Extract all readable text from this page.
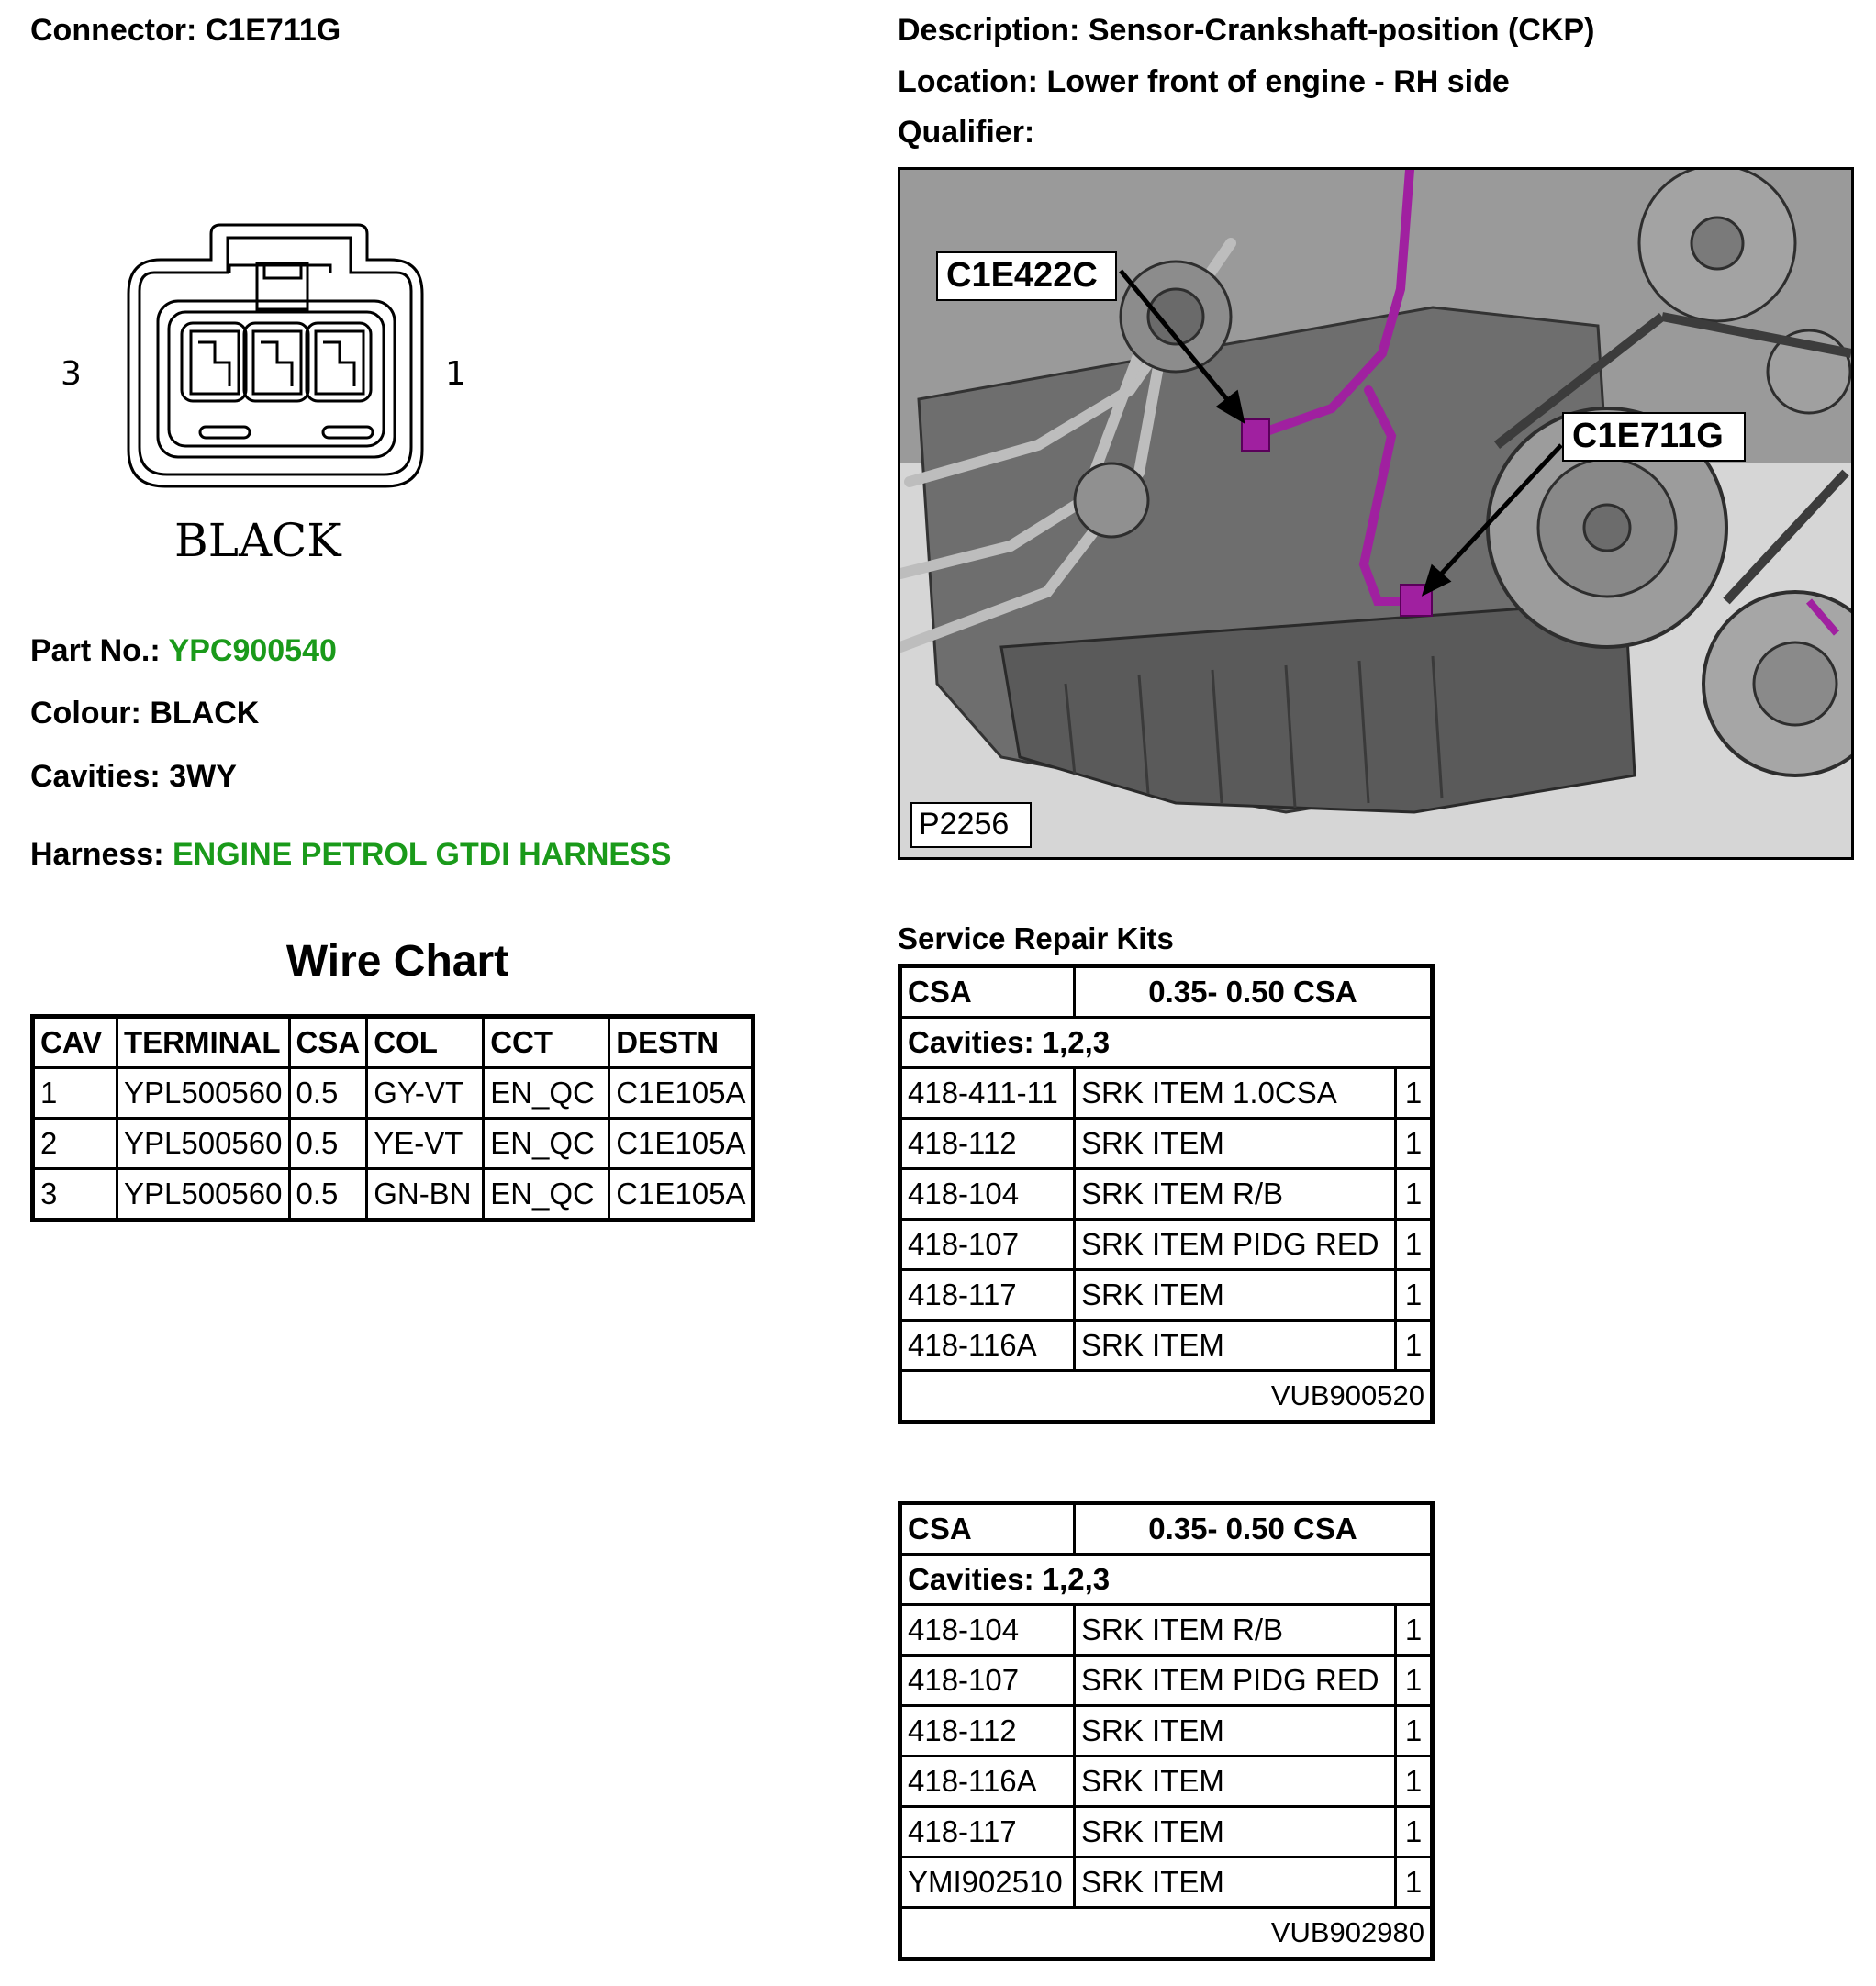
Connector: C1E711G	Description: Sensor-Crankshaft-position (CKP)
Location: Lower front of engine - RH side
Qualifier:
3	1
BLACK
Part No.: YPC900540
Colour: BLACK
Cavities: 3WY
Harness: ENGINE PETROL GTDI HARNESS
C1E422C
C1E711G
P2256
Wire Chart
CAV	TERMINAL	CSA	COL	CCT	DESTN
1	YPL500560	0.5	GY-VT	EN_QC	C1E105A
2	YPL500560	0.5	YE-VT	EN_QC	C1E105A
3	YPL500560	0.5	GN-BN	EN_QC	C1E105A
Service Repair Kits
CSA	0.35- 0.50 CSA	
Cavities: 1,2,3		
418-411-11	SRK ITEM 1.0CSA	1
418-112	SRK ITEM	1
418-104	SRK ITEM R/B	1
418-107	SRK ITEM PIDG RED	1
418-117	SRK ITEM	1
418-116A	SRK ITEM	1
VUB900520		
CSA	0.35- 0.50 CSA	
Cavities: 1,2,3		
418-104	SRK ITEM R/B	1
418-107	SRK ITEM PIDG RED	1
418-112	SRK ITEM	1
418-116A	SRK ITEM	1
418-117	SRK ITEM	1
YMI902510	SRK ITEM	1
VUB902980		
